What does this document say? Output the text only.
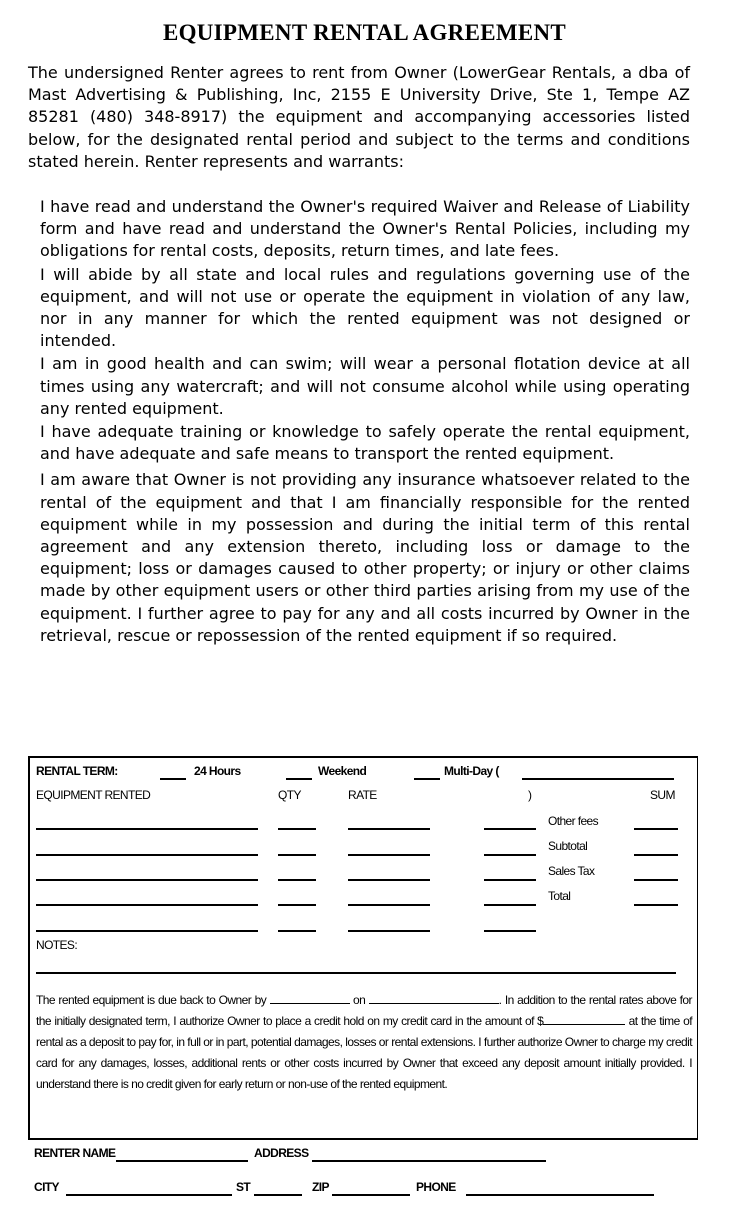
EQUIPMENT RENTAL AGREEMENT
The undersigned Renter agrees to rent from Owner (LowerGear Rentals, a dba of Mast Advertising & Publishing, Inc, 2155 E University Drive, Ste 1, Tempe AZ 85281 (480) 348-8917) the equipment and accompanying accessories listed below, for the designated rental period and subject to the terms and conditions stated herein. Renter represents and warrants:
I have read and understand the Owner's required Waiver and Release of Liability form and have read and understand the Owner's Rental Policies, including my obligations for rental costs, deposits, return times, and late fees.
I will abide by all state and local rules and regulations governing use of the equipment, and will not use or operate the equipment in violation of any law, nor in any manner for which the rented equipment was not designed or intended.
I am in good health and can swim; will wear a personal flotation device at all times using any watercraft; and will not consume alcohol while using operating any rented equipment.
I have adequate training or knowledge to safely operate the rental equipment, and have adequate and safe means to transport the rented equipment.
I am aware that Owner is not providing any insurance whatsoever related to the rental of the equipment and that I am financially responsible for the rented equipment while in my possession and during the initial term of this rental agreement and any extension thereto, including loss or damage to the equipment; loss or damages caused to other property; or injury or other claims made by other equipment users or other third parties arising from my use of the equipment. I further agree to pay for any and all costs incurred by Owner in the retrieval, rescue or repossession of the rented equipment if so required.
RENTAL TERM:	24 Hours	Weekend	Multi-Day (
EQUIPMENT RENTED	QTY	RATE	)	SUM
Other fees
Subtotal
Sales Tax
Total
NOTES:
The rented equipment is due back to Owner by	on	. In addition to the rental rates above for the initially designated term, I authorize Owner to place a credit hold on my credit card in the amount of $	at the time of rental as a deposit to pay for, in full or in part, potential damages, losses or rental extensions. I further authorize Owner to charge my credit card for any damages, losses, additional rents or other costs incurred by Owner that exceed any deposit amount initially provided. I understand there is no credit given for early return or non-use of the rented equipment.
RENTER NAME	ADDRESS
CITY	ST	ZIP	PHONE
